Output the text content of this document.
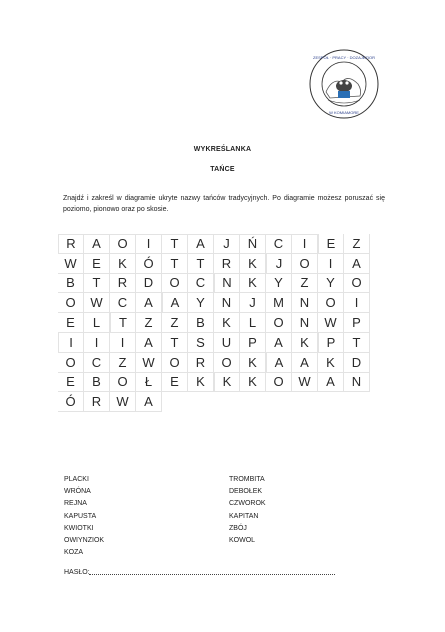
ZESPÓŁ · PRACY · DOZAJEZIOR
W KOMIAMORE
WYKREŚLANKA
TAŃCE
Znajdź i zakreśl w diagramie ukryte nazwy tańców tradycyjnych. Po diagramie możesz poruszać się poziomo, pionowo oraz po skosie.
R	A	O	I	T	A	J	Ń	C	I	E	Z
W	E	K	Ó	T	T	R	K	J	O	I	A
B	T	R	D	O	C	N	K	Y	Z	Y	O
O	W	C	A	A	Y	N	J	M	N	O	I
E	L	T	Z	Z	B	K	L	O	N	W	P
I	I	I	A	T	S	U	P	A	K	P	T
O	C	Z	W	O	R	O	K	A	A	K	D
E	B	O	Ł	E	K	K	K	O	W	A	N
Ó	R	W	A
PLACKI
WRÓNA
REJNA
KAPUSTA
KWIOTKI
OWIYNZIOK
KOZA
TROMBITA
DEBOŁEK
CZWOROK
KAPITAN
ZBÓJ
KOWOL
HASŁO:
